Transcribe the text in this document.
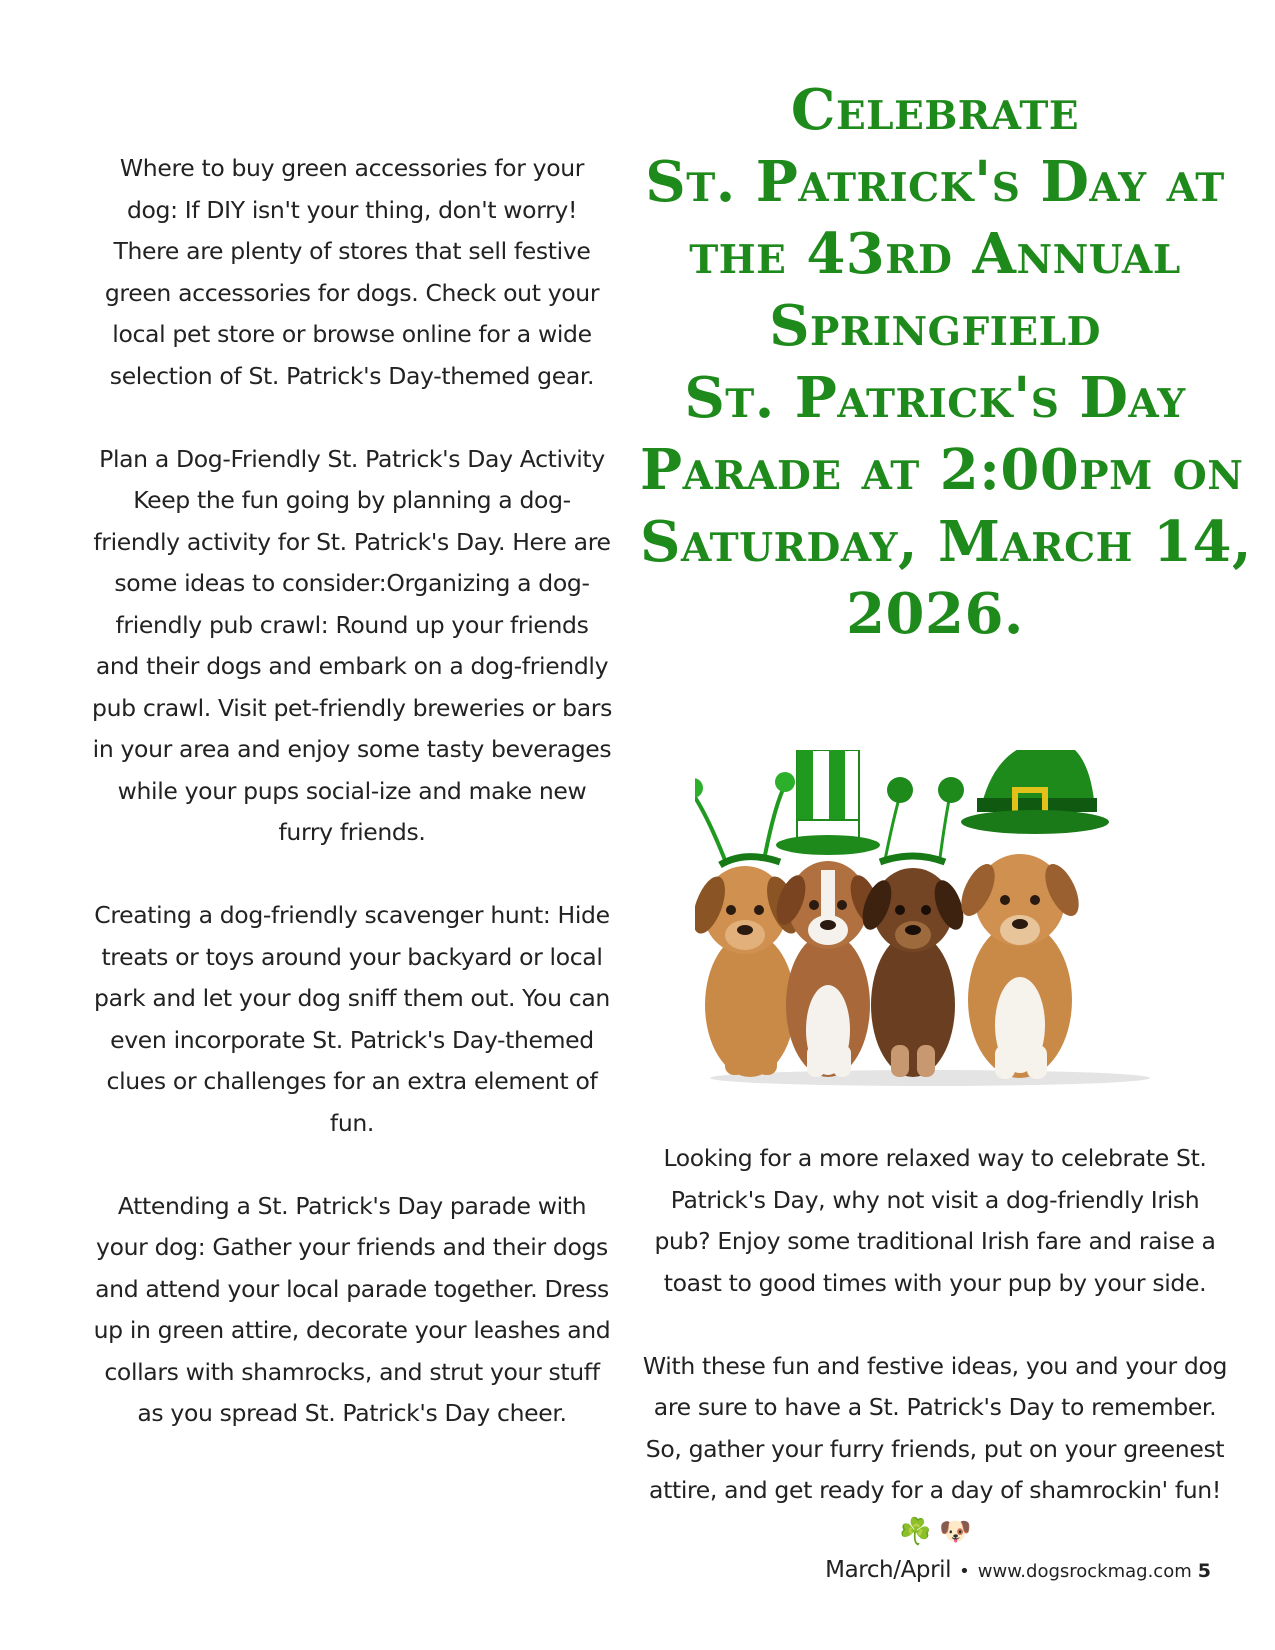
Where to buy green accessories for your dog: If DIY isn't your thing, don't worry! There are plenty of stores that sell festive green accessories for dogs. Check out your local pet store or browse online for a wide selection of St. Patrick's Day-themed gear.

Plan a Dog-Friendly St. Patrick's Day Activity
Keep the fun going by planning a dog-friendly activity for St. Patrick's Day. Here are some ideas to consider:Organizing a dog-friendly pub crawl: Round up your friends and their dogs and embark on a dog-friendly pub crawl. Visit pet-friendly breweries or bars in your area and enjoy some tasty beverages while your pups social-ize and make new furry friends.

Creating a dog-friendly scavenger hunt: Hide treats or toys around your backyard or local park and let your dog sniff them out. You can even incorporate St. Patrick's Day-themed clues or challenges for an extra element of fun.

Attending a St. Patrick's Day parade with your dog: Gather your friends and their dogs and attend your local parade together. Dress up in green attire, decorate your leashes and collars with shamrocks, and strut your stuff as you spread St. Patrick's Day cheer.

Celebrate
St. Patrick's Day at
the 43rd Annual
Springfield
St. Patrick's Day
Parade at 2:00pm on
Saturday, March 14,
2026.

Looking for a more relaxed way to celebrate St. Patrick's Day, why not visit a dog-friendly Irish pub? Enjoy some traditional Irish fare and raise a toast to good times with your pup by your side.

With these fun and festive ideas, you and your dog are sure to have a St. Patrick's Day to remember. So, gather your furry friends, put on your greenest attire, and get ready for a day of shamrockin' fun!

☘️ 🐶
March/April • www.dogsrockmag.com 5
